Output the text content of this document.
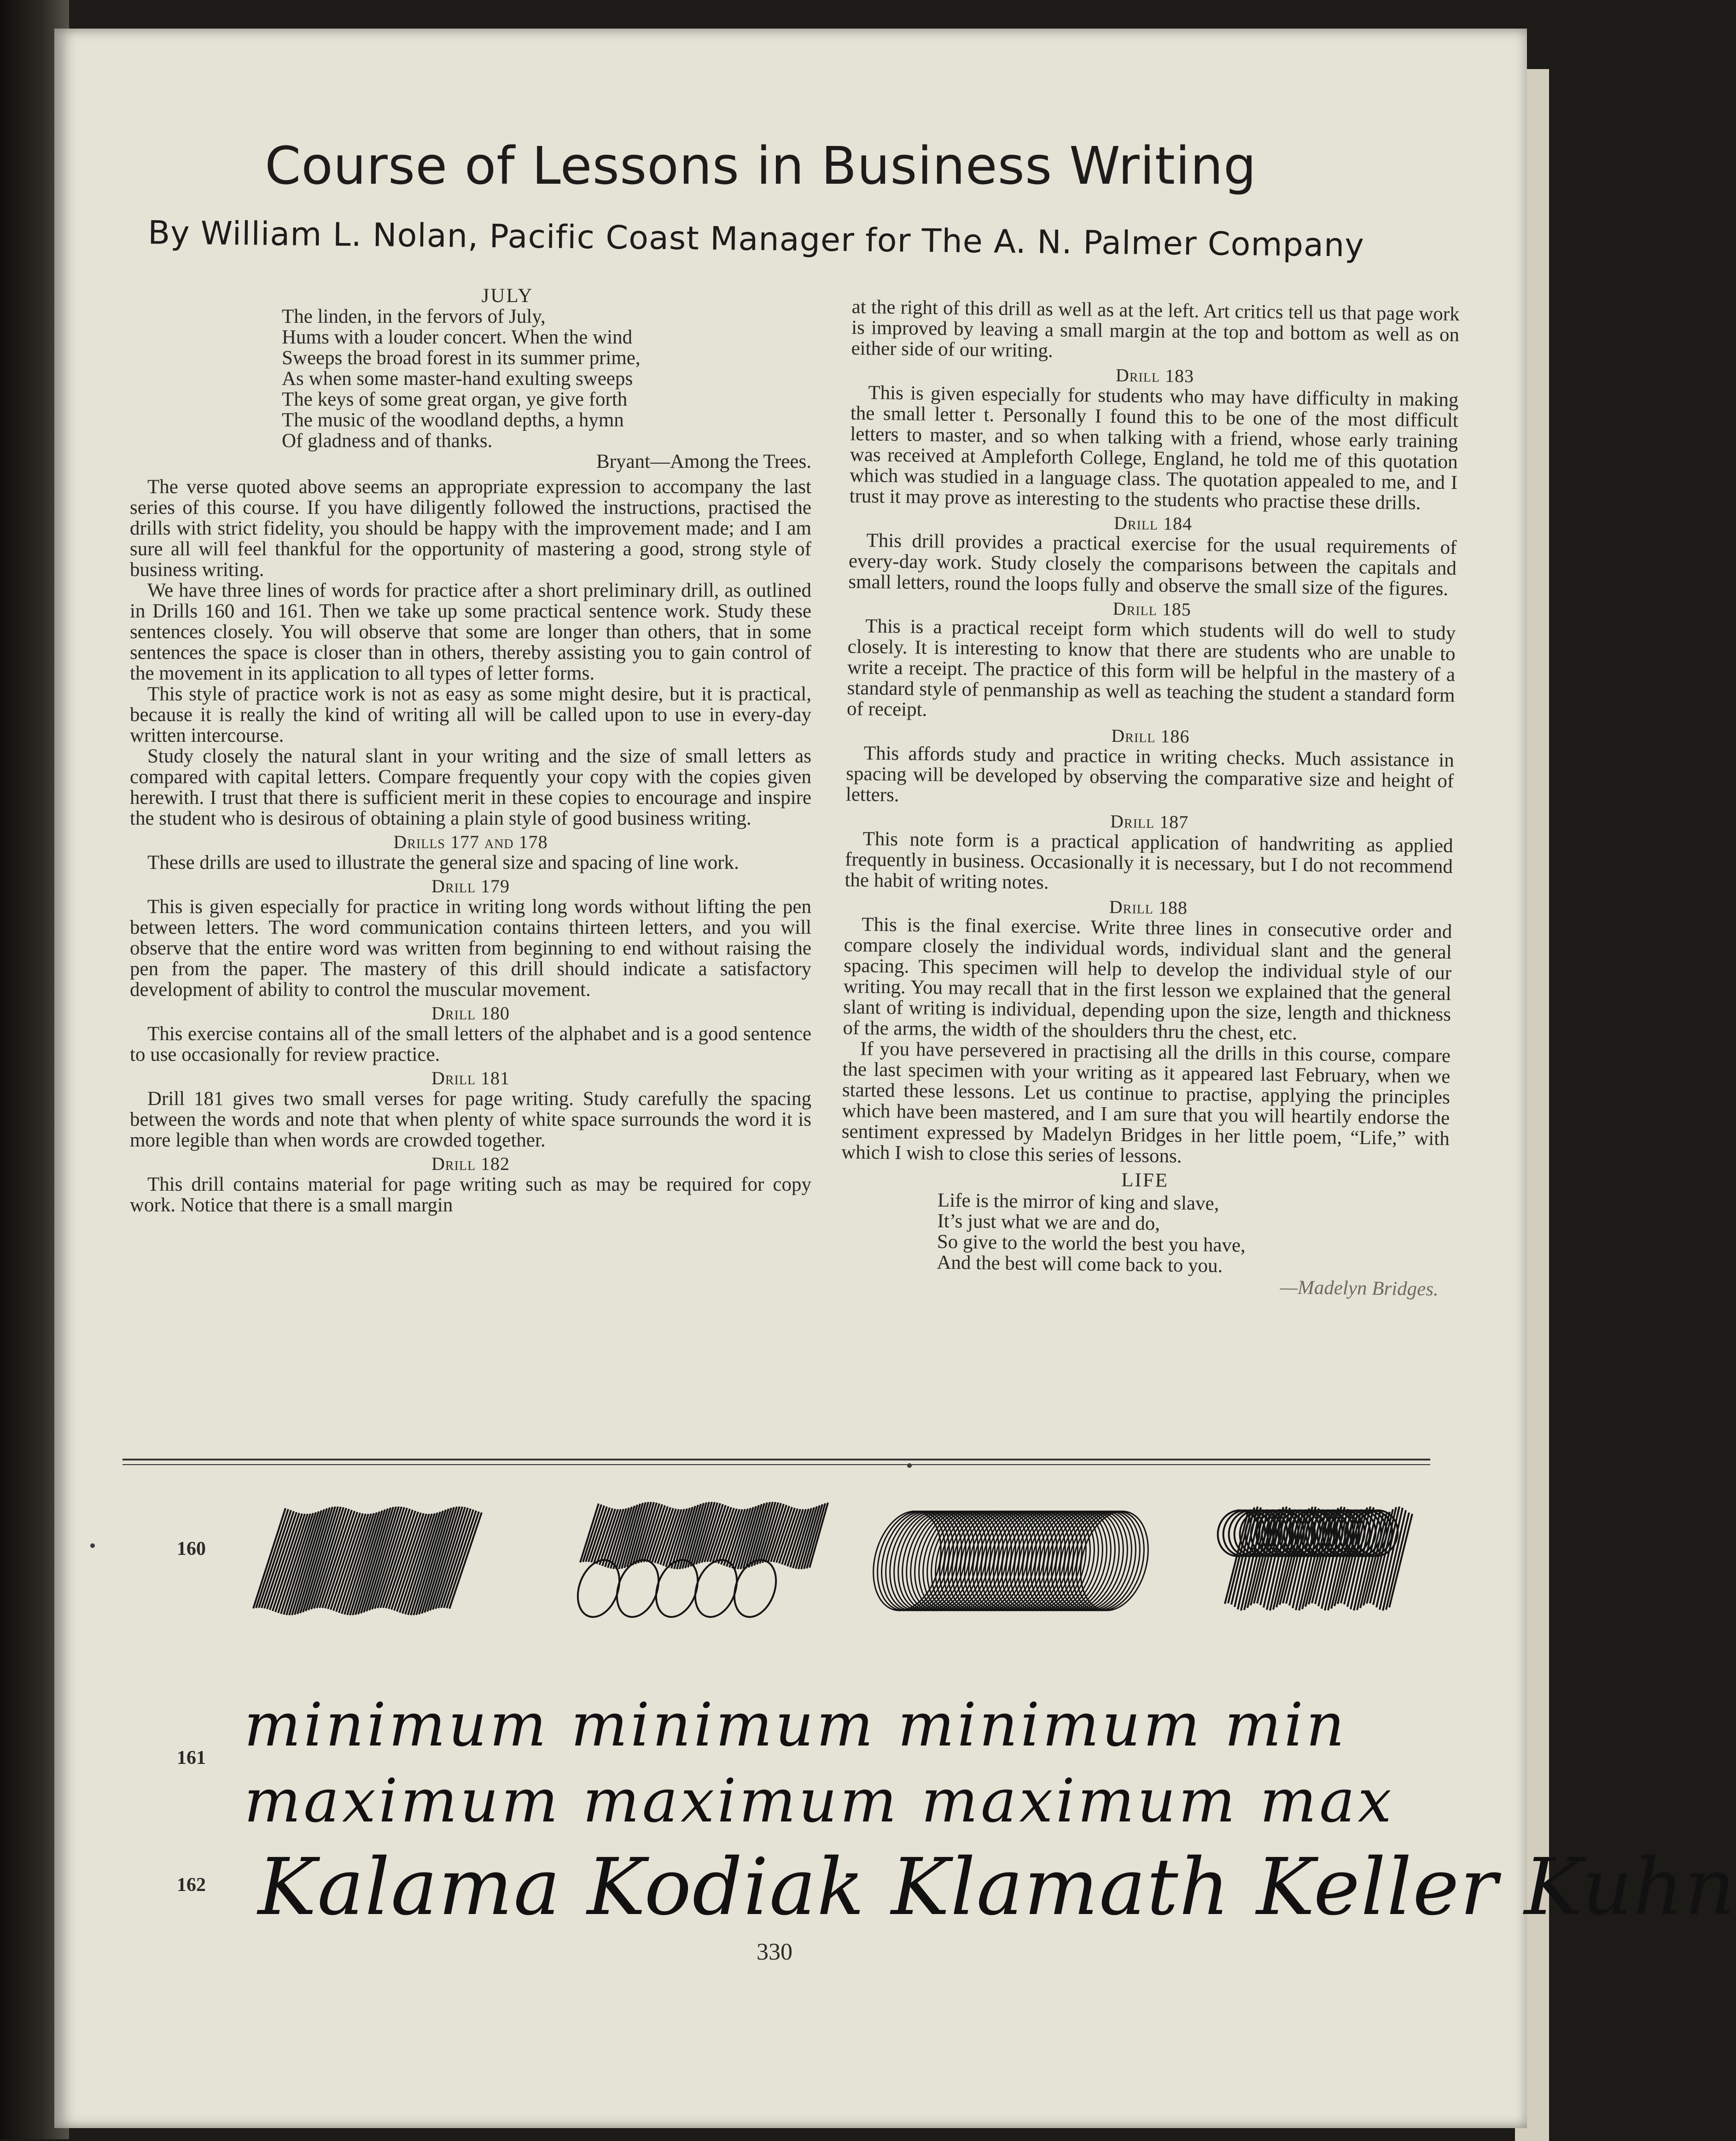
Course of Lessons in Business Writing
By William L. Nolan, Pacific Coast Manager for The A. N. Palmer Company
JULY
The linden, in the fervors of July,
Hums with a louder concert. When the wind
Sweeps the broad forest in its summer prime,
As when some master-hand exulting sweeps
The keys of some great organ, ye give forth
The music of the woodland depths, a hymn
Of gladness and of thanks.
Bryant—Among the Trees.

The verse quoted above seems an appropriate expression to accompany the last series of this course. If you have diligently followed the instructions, practised the drills with strict fidelity, you should be happy with the improvement made; and I am sure all will feel thankful for the opportunity of mastering a good, strong style of business writing.

We have three lines of words for practice after a short preliminary drill, as outlined in Drills 160 and 161. Then we take up some practical sentence work. Study these sentences closely. You will observe that some are longer than others, that in some sentences the space is closer than in others, thereby assisting you to gain control of the movement in its application to all types of letter forms.

This style of practice work is not as easy as some might desire, but it is practical, because it is really the kind of writing all will be called upon to use in every-day written intercourse.

Study closely the natural slant in your writing and the size of small letters as compared with capital letters. Compare frequently your copy with the copies given herewith. I trust that there is sufficient merit in these copies to encourage and inspire the student who is desirous of obtaining a plain style of good business writing.

Drills 177 and 178

These drills are used to illustrate the general size and spacing of line work.

Drill 179

This is given especially for practice in writing long words without lifting the pen between letters. The word communication contains thirteen letters, and you will observe that the entire word was written from beginning to end without raising the pen from the paper. The mastery of this drill should indicate a satisfactory development of ability to control the muscular movement.

Drill 180

This exercise contains all of the small letters of the alphabet and is a good sentence to use occasionally for review practice.

Drill 181

Drill 181 gives two small verses for page writing. Study carefully the spacing between the words and note that when plenty of white space surrounds the word it is more legible than when words are crowded together.

Drill 182

This drill contains material for page writing such as may be required for copy work. Notice that there is a small margin

at the right of this drill as well as at the left. Art critics tell us that page work is improved by leaving a small margin at the top and bottom as well as on either side of our writing.

Drill 183

This is given especially for students who may have difficulty in making the small letter t. Personally I found this to be one of the most difficult letters to master, and so when talking with a friend, whose early training was received at Ampleforth College, England, he told me of this quotation which was studied in a language class. The quotation appealed to me, and I trust it may prove as interesting to the students who practise these drills.

Drill 184

This drill provides a practical exercise for the usual requirements of every-day work. Study closely the comparisons between the capitals and small letters, round the loops fully and observe the small size of the figures.

Drill 185

This is a practical receipt form which students will do well to study closely. It is interesting to know that there are students who are unable to write a receipt. The practice of this form will be helpful in the mastery of a standard style of penmanship as well as teaching the student a standard form of receipt.

Drill 186

This affords study and practice in writing checks. Much assistance in spacing will be developed by observing the comparative size and height of letters.

Drill 187

This note form is a practical application of handwriting as applied frequently in business. Occasionally it is necessary, but I do not recommend the habit of writing notes.

Drill 188

This is the final exercise. Write three lines in consecutive order and compare closely the individual words, individual slant and the general spacing. This specimen will help to develop the individual style of our writing. You may recall that in the first lesson we explained that the general slant of writing is individual, depending upon the size, length and thickness of the arms, the width of the shoulders thru the chest, etc.

If you have persevered in practising all the drills in this course, compare the last specimen with your writing as it appeared last February, when we started these lessons. Let us continue to practise, applying the principles which have been mastered, and I am sure that you will heartily endorse the sentiment expressed by Madelyn Bridges in her little poem, “Life,” with which I wish to close this series of lessons.

LIFE
Life is the mirror of king and slave,
It’s just what we are and do,
So give to the world the best you have,
And the best will come back to you.
—Madelyn Bridges.
160
161
162
minimum minimum minimum min
maximum maximum maximum max
Kalama Kodiak Klamath Keller Kuhn
330
